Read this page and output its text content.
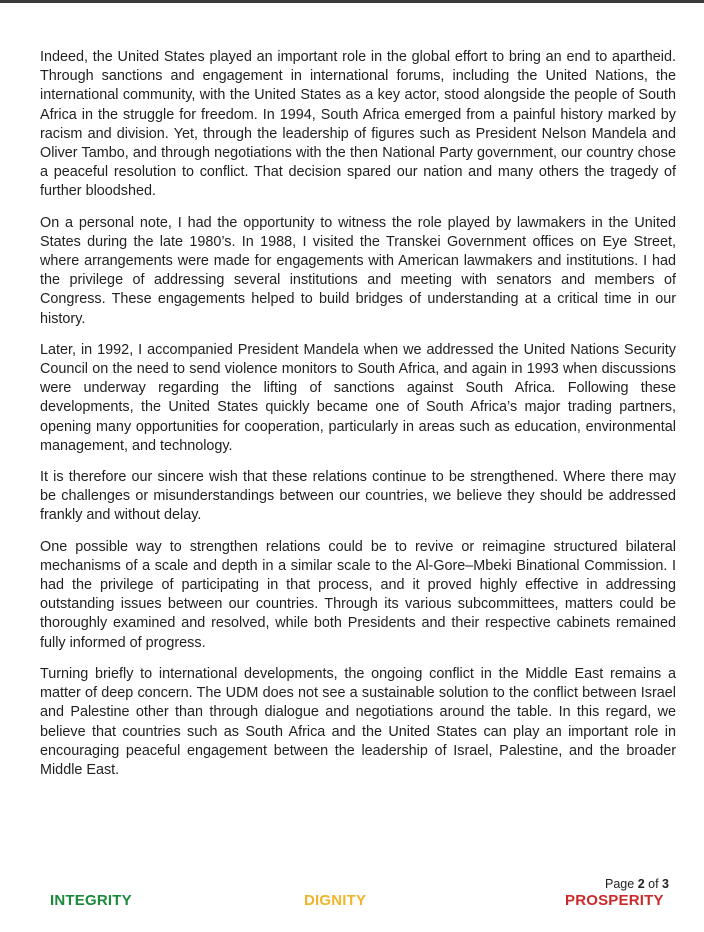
Indeed, the United States played an important role in the global effort to bring an end to apartheid. Through sanctions and engagement in international forums, including the United Nations, the international community, with the United States as a key actor, stood alongside the people of South Africa in the struggle for freedom. In 1994, South Africa emerged from a painful history marked by racism and division. Yet, through the leadership of figures such as President Nelson Mandela and Oliver Tambo, and through negotiations with the then National Party government, our country chose a peaceful resolution to conflict. That decision spared our nation and many others the tragedy of further bloodshed.

On a personal note, I had the opportunity to witness the role played by lawmakers in the United States during the late 1980’s. In 1988, I visited the Transkei Government offices on Eye Street, where arrangements were made for engagements with American lawmakers and institutions. I had the privilege of addressing several institutions and meeting with senators and members of Congress. These engagements helped to build bridges of understanding at a critical time in our history.

Later, in 1992, I accompanied President Mandela when we addressed the United Nations Security Council on the need to send violence monitors to South Africa, and again in 1993 when discussions were underway regarding the lifting of sanctions against South Africa. Following these developments, the United States quickly became one of South Africa’s major trading partners, opening many opportunities for cooperation, particularly in areas such as education, environmental management, and technology.

It is therefore our sincere wish that these relations continue to be strengthened. Where there may be challenges or misunderstandings between our countries, we believe they should be addressed frankly and without delay.

One possible way to strengthen relations could be to revive or reimagine structured bilateral mechanisms of a scale and depth in a similar scale to the Al-Gore–Mbeki Binational Commission. I had the privilege of participating in that process, and it proved highly effective in addressing outstanding issues between our countries. Through its various subcommittees, matters could be thoroughly examined and resolved, while both Presidents and their respective cabinets remained fully informed of progress.

Turning briefly to international developments, the ongoing conflict in the Middle East remains a matter of deep concern. The UDM does not see a sustainable solution to the conflict between Israel and Palestine other than through dialogue and negotiations around the table. In this regard, we believe that countries such as South Africa and the United States can play an important role in encouraging peaceful engagement between the leadership of Israel, Palestine, and the broader Middle East.

Page 2 of 3
INTEGRITY	DIGNITY	PROSPERITY
